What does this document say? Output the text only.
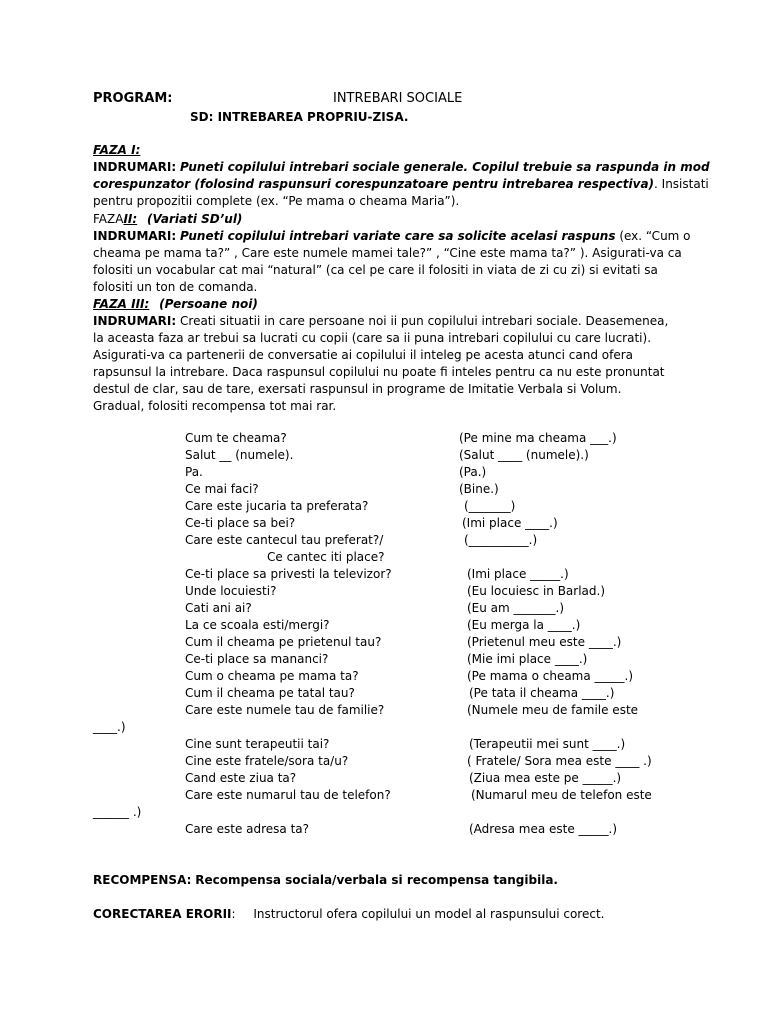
PROGRAM:	INTREBARI SOCIALE
SD: INTREBAREA PROPRIU-ZISA.
FAZA I:
INDRUMARI: Puneti copilului intrebari sociale generale. Copilul trebuie sa raspunda in mod
corespunzator (folosind raspunsuri corespunzatoare pentru intrebarea respectiva). Insistati
pentru propozitii complete (ex. “Pe mama o cheama Maria”).
FAZAII: (Variati SD’ul)
INDRUMARI: Puneti copilului intrebari variate care sa solicite acelasi raspuns (ex. “Cum o
cheama pe mama ta?” , Care este numele mamei tale?” , “Cine este mama ta?” ). Asigurati-va ca
folositi un vocabular cat mai “natural” (ca cel pe care il folositi in viata de zi cu zi) si evitati sa
folositi un ton de comanda.
FAZA III: (Persoane noi)
INDRUMARI: Creati situatii in care persoane noi ii pun copilului intrebari sociale. Deasemenea,
la aceasta faza ar trebui sa lucrati cu copii (care sa ii puna intrebari copilului cu care lucrati).
Asigurati-va ca partenerii de conversatie ai copilului il inteleg pe acesta atunci cand ofera
rapsunsul la intrebare. Daca raspunsul copilului nu poate fi inteles pentru ca nu este pronuntat
destul de clar, sau de tare, exersati raspunsul in programe de Imitatie Verbala si Volum.
Gradual, folositi recompensa tot mai rar.
Cum te cheama?	(Pe mine ma cheama ___.)
Salut __ (numele).	(Salut ____ (numele).)
Pa.	(Pa.)
Ce mai faci?	(Bine.)
Care este jucaria ta preferata?	(_______)
Ce-ti place sa bei?	(Imi place ____.)
Care este cantecul tau preferat?/	(__________.)
Ce cantec iti place?
Ce-ti place sa privesti la televizor?	(Imi place _____.)
Unde locuiesti?	(Eu locuiesc in Barlad.)
Cati ani ai?	(Eu am _______.)
La ce scoala esti/mergi?	(Eu merga la ____.)
Cum il cheama pe prietenul tau?	(Prietenul meu este ____.)
Ce-ti place sa mananci?	(Mie imi place ____.)
Cum o cheama pe mama ta?	(Pe mama o cheama _____.)
Cum il cheama pe tatal tau?	(Pe tata il cheama ____.)
Care este numele tau de familie?	(Numele meu de famile este
____.)
Cine sunt terapeutii tai?	(Terapeutii mei sunt ____.)
Cine este fratele/sora ta/u?	( Fratele/ Sora mea este ____ .)
Cand este ziua ta?	(Ziua mea este pe _____.)
Care este numarul tau de telefon?	(Numarul meu de telefon este
______ .)
Care este adresa ta?	(Adresa mea este _____.)
RECOMPENSA: Recompensa sociala/verbala si recompensa tangibila.
CORECTAREA ERORII: Instructorul ofera copilului un model al raspunsului corect.
